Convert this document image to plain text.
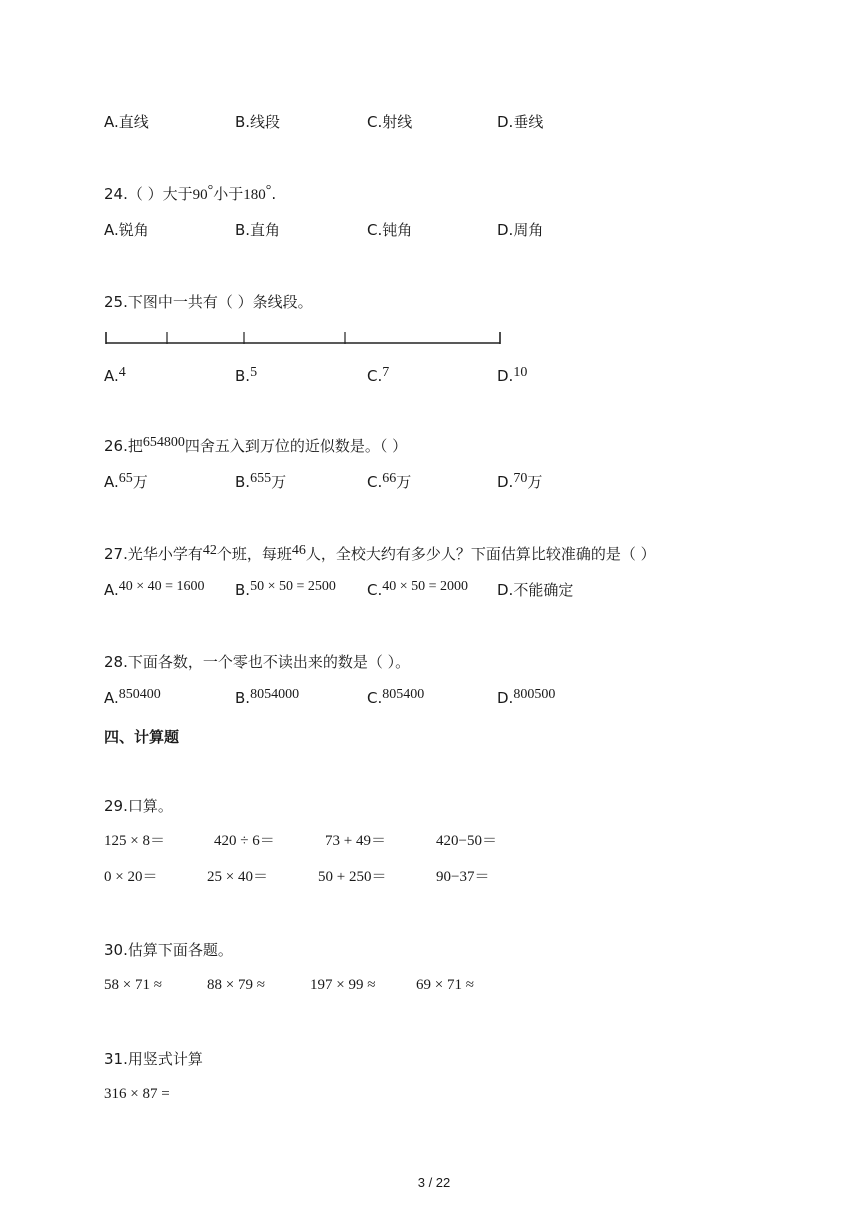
A.直线	B.线段	C.射线	D.垂线
24.（ ）大于90°小于180°.
A.锐角	B.直角	C.钝角	D.周角
25.下图中一共有（ ）条线段。
A.4	B.5	C.7	D.10
26.把654800四舍五入到万位的近似数是。（ ）
A.65万	B.655万	C.66万	D.70万
27.光华小学有42个班，每班46人，全校大约有多少人？下面估算比较准确的是（ ）
A.40 × 40 = 1600 B.50 × 50 = 2500 C.40 × 50 = 2000 D.不能确定
28.下面各数，一个零也不读出来的数是（ ）。
A.850400	B.8054000	C.805400	D.800500
四、计算题
29.口算。
125 × 8＝	420 ÷ 6＝	73 + 49＝	420−50＝
0 × 20＝	25 × 40＝	50 + 250＝	90−37＝
30.估算下面各题。
58 × 71 ≈	88 × 79 ≈	197 × 99 ≈	69 × 71 ≈
31.用竖式计算
316 × 87 =
3 / 22
